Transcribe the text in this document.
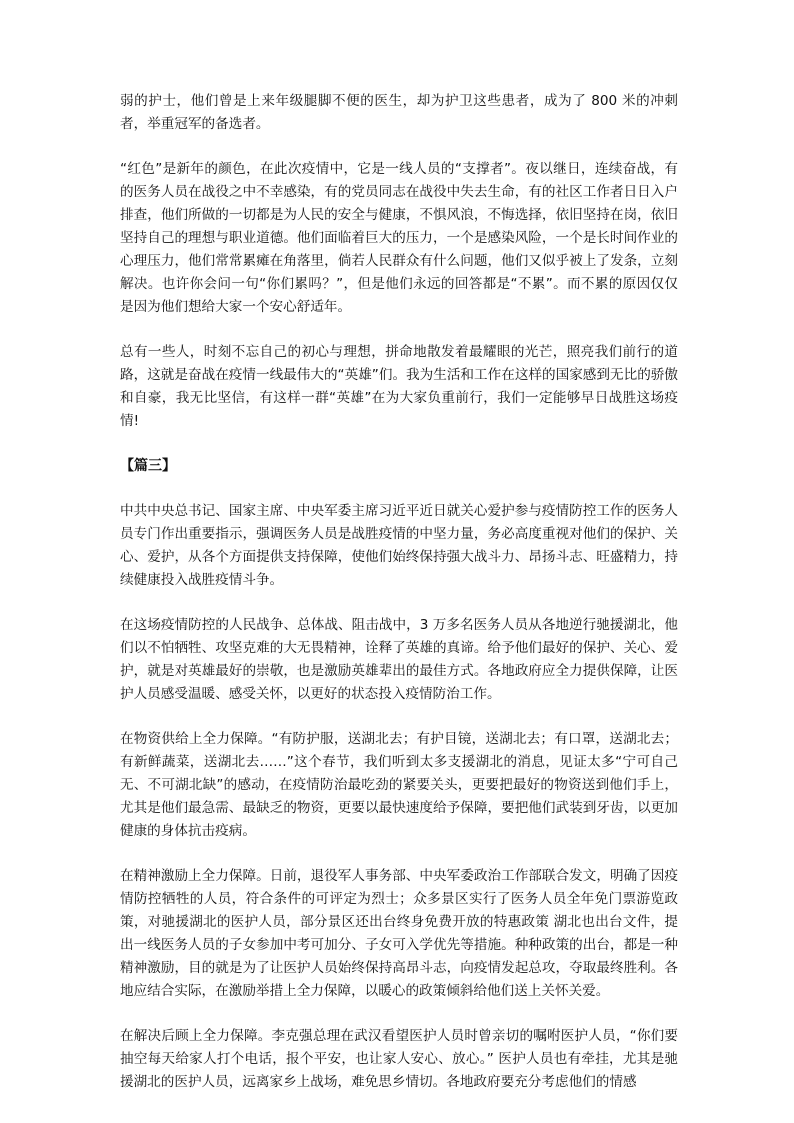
弱的护士，他们曾是上来年级腿脚不便的医生，却为护卫这些患者，成为了 800 米的冲刺者，举重冠军的备选者。

“红色”是新年的颜色，在此次疫情中，它是一线人员的“支撑者”。夜以继日，连续奋战，有的医务人员在战役之中不幸感染，有的党员同志在战役中失去生命，有的社区工作者日日入户排查，他们所做的一切都是为人民的安全与健康，不惧风浪，不悔选择，依旧坚持在岗，依旧坚持自己的理想与职业道德。他们面临着巨大的压力，一个是感染风险，一个是长时间作业的心理压力，他们常常累瘫在角落里，倘若人民群众有什么问题，他们又似乎被上了发条，立刻解决。也许你会问一句“你们累吗？”，但是他们永远的回答都是“不累”。而不累的原因仅仅是因为他们想给大家一个安心舒适年。

总有一些人，时刻不忘自己的初心与理想，拼命地散发着最耀眼的光芒，照亮我们前行的道路，这就是奋战在疫情一线最伟大的“英雄”们。我为生活和工作在这样的国家感到无比的骄傲和自豪，我无比坚信，有这样一群“英雄”在为大家负重前行，我们一定能够早日战胜这场疫情!

【篇三】

中共中央总书记、国家主席、中央军委主席习近平近日就关心爱护参与疫情防控工作的医务人员专门作出重要指示，强调医务人员是战胜疫情的中坚力量，务必高度重视对他们的保护、关心、爱护，从各个方面提供支持保障，使他们始终保持强大战斗力、昂扬斗志、旺盛精力，持续健康投入战胜疫情斗争。

在这场疫情防控的人民战争、总体战、阻击战中，3 万多名医务人员从各地逆行驰援湖北，他们以不怕牺牲、攻坚克难的大无畏精神，诠释了英雄的真谛。给予他们最好的保护、关心、爱护，就是对英雄最好的崇敬，也是激励英雄辈出的最佳方式。各地政府应全力提供保障，让医护人员感受温暖、感受关怀，以更好的状态投入疫情防治工作。

在物资供给上全力保障。“有防护服，送湖北去；有护目镜，送湖北去；有口罩，送湖北去；有新鲜蔬菜，送湖北去……”这个春节，我们听到太多支援湖北的消息，见证太多“宁可自己无、不可湖北缺”的感动，在疫情防治最吃劲的紧要关头，更要把最好的物资送到他们手上，尤其是他们最急需、最缺乏的物资，更要以最快速度给予保障，要把他们武装到牙齿，以更加健康的身体抗击疫病。

在精神激励上全力保障。日前，退役军人事务部、中央军委政治工作部联合发文，明确了因疫情防控牺牲的人员，符合条件的可评定为烈士；众多景区实行了医务人员全年免门票游览政策，对驰援湖北的医护人员，部分景区还出台终身免费开放的特惠政策 湖北也出台文件，提出一线医务人员的子女参加中考可加分、子女可入学优先等措施。种种政策的出台，都是一种精神激励，目的就是为了让医护人员始终保持高昂斗志，向疫情发起总攻，夺取最终胜利。各地应结合实际，在激励举措上全力保障，以暖心的政策倾斜给他们送上关怀关爱。

在解决后顾上全力保障。李克强总理在武汉看望医护人员时曾亲切的嘱咐医护人员，“你们要抽空每天给家人打个电话，报个平安，也让家人安心、放心。” 医护人员也有牵挂，尤其是驰援湖北的医护人员，远离家乡上战场，难免思乡情切。各地政府要充分考虑他们的情感
